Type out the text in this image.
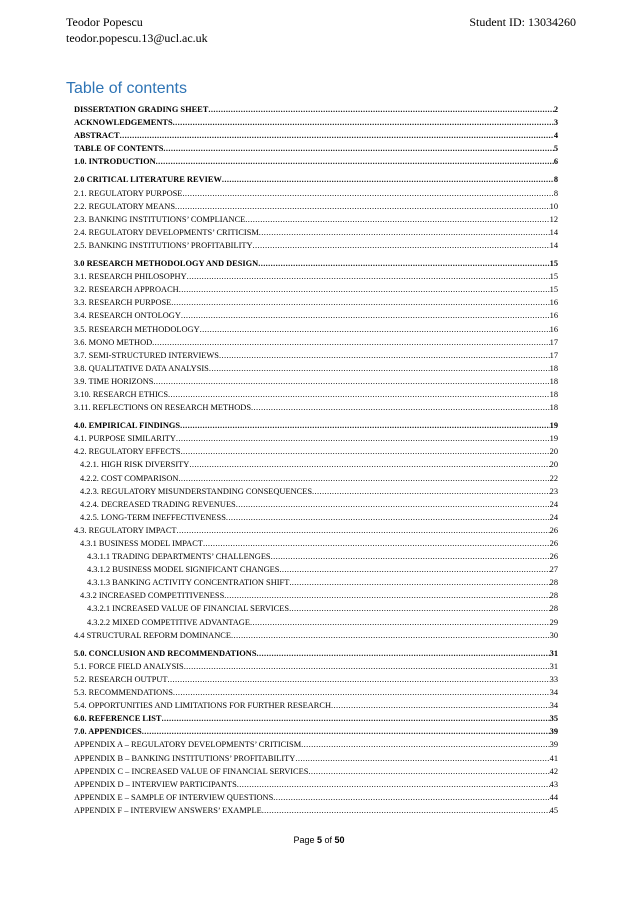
Teodor Popescu	Student ID: 13034260
teodor.popescu.13@ucl.ac.uk
Table of contents
DISSERTATION GRADING SHEET .....	2
ACKNOWLEDGEMENTS .....	3
ABSTRACT .....	4
TABLE OF CONTENTS .....	5
1.0. INTRODUCTION .....	6
2.0 CRITICAL LITERATURE REVIEW .....	8
2.1. REGULATORY PURPOSE .....	8
2.2. REGULATORY MEANS .....	10
2.3. BANKING INSTITUTIONS’ COMPLIANCE .....	12
2.4. REGULATORY DEVELOPMENTS’ CRITICISM .....	14
2.5. BANKING INSTITUTIONS’ PROFITABILITY .....	14
3.0 RESEARCH METHODOLOGY AND DESIGN .....	15
3.1. RESEARCH PHILOSOPHY .....	15
3.2. RESEARCH APPROACH .....	15
3.3. RESEARCH PURPOSE .....	16
3.4. RESEARCH ONTOLOGY .....	16
3.5. RESEARCH METHODOLOGY .....	16
3.6. MONO METHOD .....	17
3.7. SEMI-STRUCTURED INTERVIEWS .....	17
3.8. QUALITATIVE DATA ANALYSIS .....	18
3.9. TIME HORIZONS .....	18
3.10. RESEARCH ETHICS .....	18
3.11. REFLECTIONS ON RESEARCH METHODS .....	18
4.0. EMPIRICAL FINDINGS .....	19
4.1. PURPOSE SIMILARITY .....	19
4.2. REGULATORY EFFECTS .....	20
4.2.1. HIGH RISK DIVERSITY .....	20
4.2.2. COST COMPARISON .....	22
4.2.3. REGULATORY MISUNDERSTANDING CONSEQUENCES .....	23
4.2.4. DECREASED TRADING REVENUES .....	24
4.2.5. LONG-TERM INEFFECTIVENESS .....	24
4.3. REGULATORY IMPACT .....	26
4.3.1 BUSINESS MODEL IMPACT .....	26
4.3.1.1 TRADING DEPARTMENTS’ CHALLENGES .....	26
4.3.1.2 BUSINESS MODEL SIGNIFICANT CHANGES .....	27
4.3.1.3 BANKING ACTIVITY CONCENTRATION SHIFT .....	28
4.3.2 INCREASED COMPETITIVENESS .....	28
4.3.2.1 INCREASED VALUE OF FINANCIAL SERVICES .....	28
4.3.2.2 MIXED COMPETITIVE ADVANTAGE .....	29
4.4 STRUCTURAL REFORM DOMINANCE .....	30
5.0. CONCLUSION AND RECOMMENDATIONS .....	31
5.1. FORCE FIELD ANALYSIS .....	31
5.2. RESEARCH OUTPUT .....	33
5.3. RECOMMENDATIONS .....	34
5.4. OPPORTUNITIES AND LIMITATIONS FOR FURTHER RESEARCH .....	34
6.0. REFERENCE LIST .....	35
7.0. APPENDICES .....	39
APPENDIX A – REGULATORY DEVELOPMENTS’ CRITICISM .....	39
APPENDIX B – BANKING INSTITUTIONS’ PROFITABILITY .....	41
APPENDIX C – INCREASED VALUE OF FINANCIAL SERVICES .....	42
APPENDIX D – INTERVIEW PARTICIPANTS .....	43
APPENDIX E – SAMPLE OF INTERVIEW QUESTIONS .....	44
APPENDIX F – INTERVIEW ANSWERS’ EXAMPLE .....	45
Page 5 of 50
